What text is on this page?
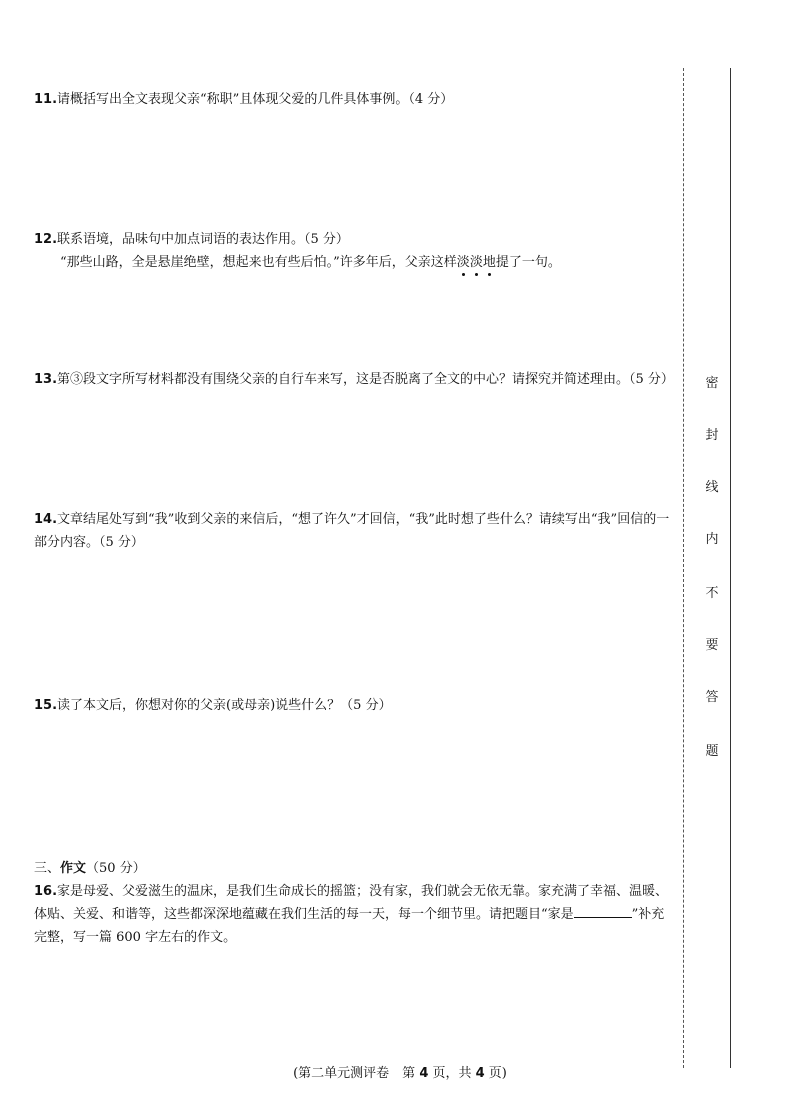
11.请概括写出全文表现父亲“称职”且体现父爱的几件具体事例。（4 分）
12.联系语境，品味句中加点词语的表达作用。（5 分）
“那些山路，全是悬崖绝壁，想起来也有些后怕。”许多年后，父亲这样淡淡地提了一句。
13.第③段文字所写材料都没有围绕父亲的自行车来写，这是否脱离了全文的中心？请探究并简述理由。（5 分）
14.文章结尾处写到“我”收到父亲的来信后，“想了许久”才回信，“我”此时想了些什么？请续写出“我”回信的一部分内容。（5 分）
15.读了本文后，你想对你的父亲(或母亲)说些什么？（5 分）
三、作文（50 分）
16.家是母爱、父爱滋生的温床，是我们生命成长的摇篮；没有家，我们就会无依无靠。家充满了幸福、温暖、体贴、关爱、和谐等，这些都深深地蕴藏在我们生活的每一天，每一个细节里。请把题目“家是	”补充完整，写一篇 600 字左右的作文。
密
封
线
内
不
要
答
题
(第二单元测评卷　第 4 页，共 4 页)
